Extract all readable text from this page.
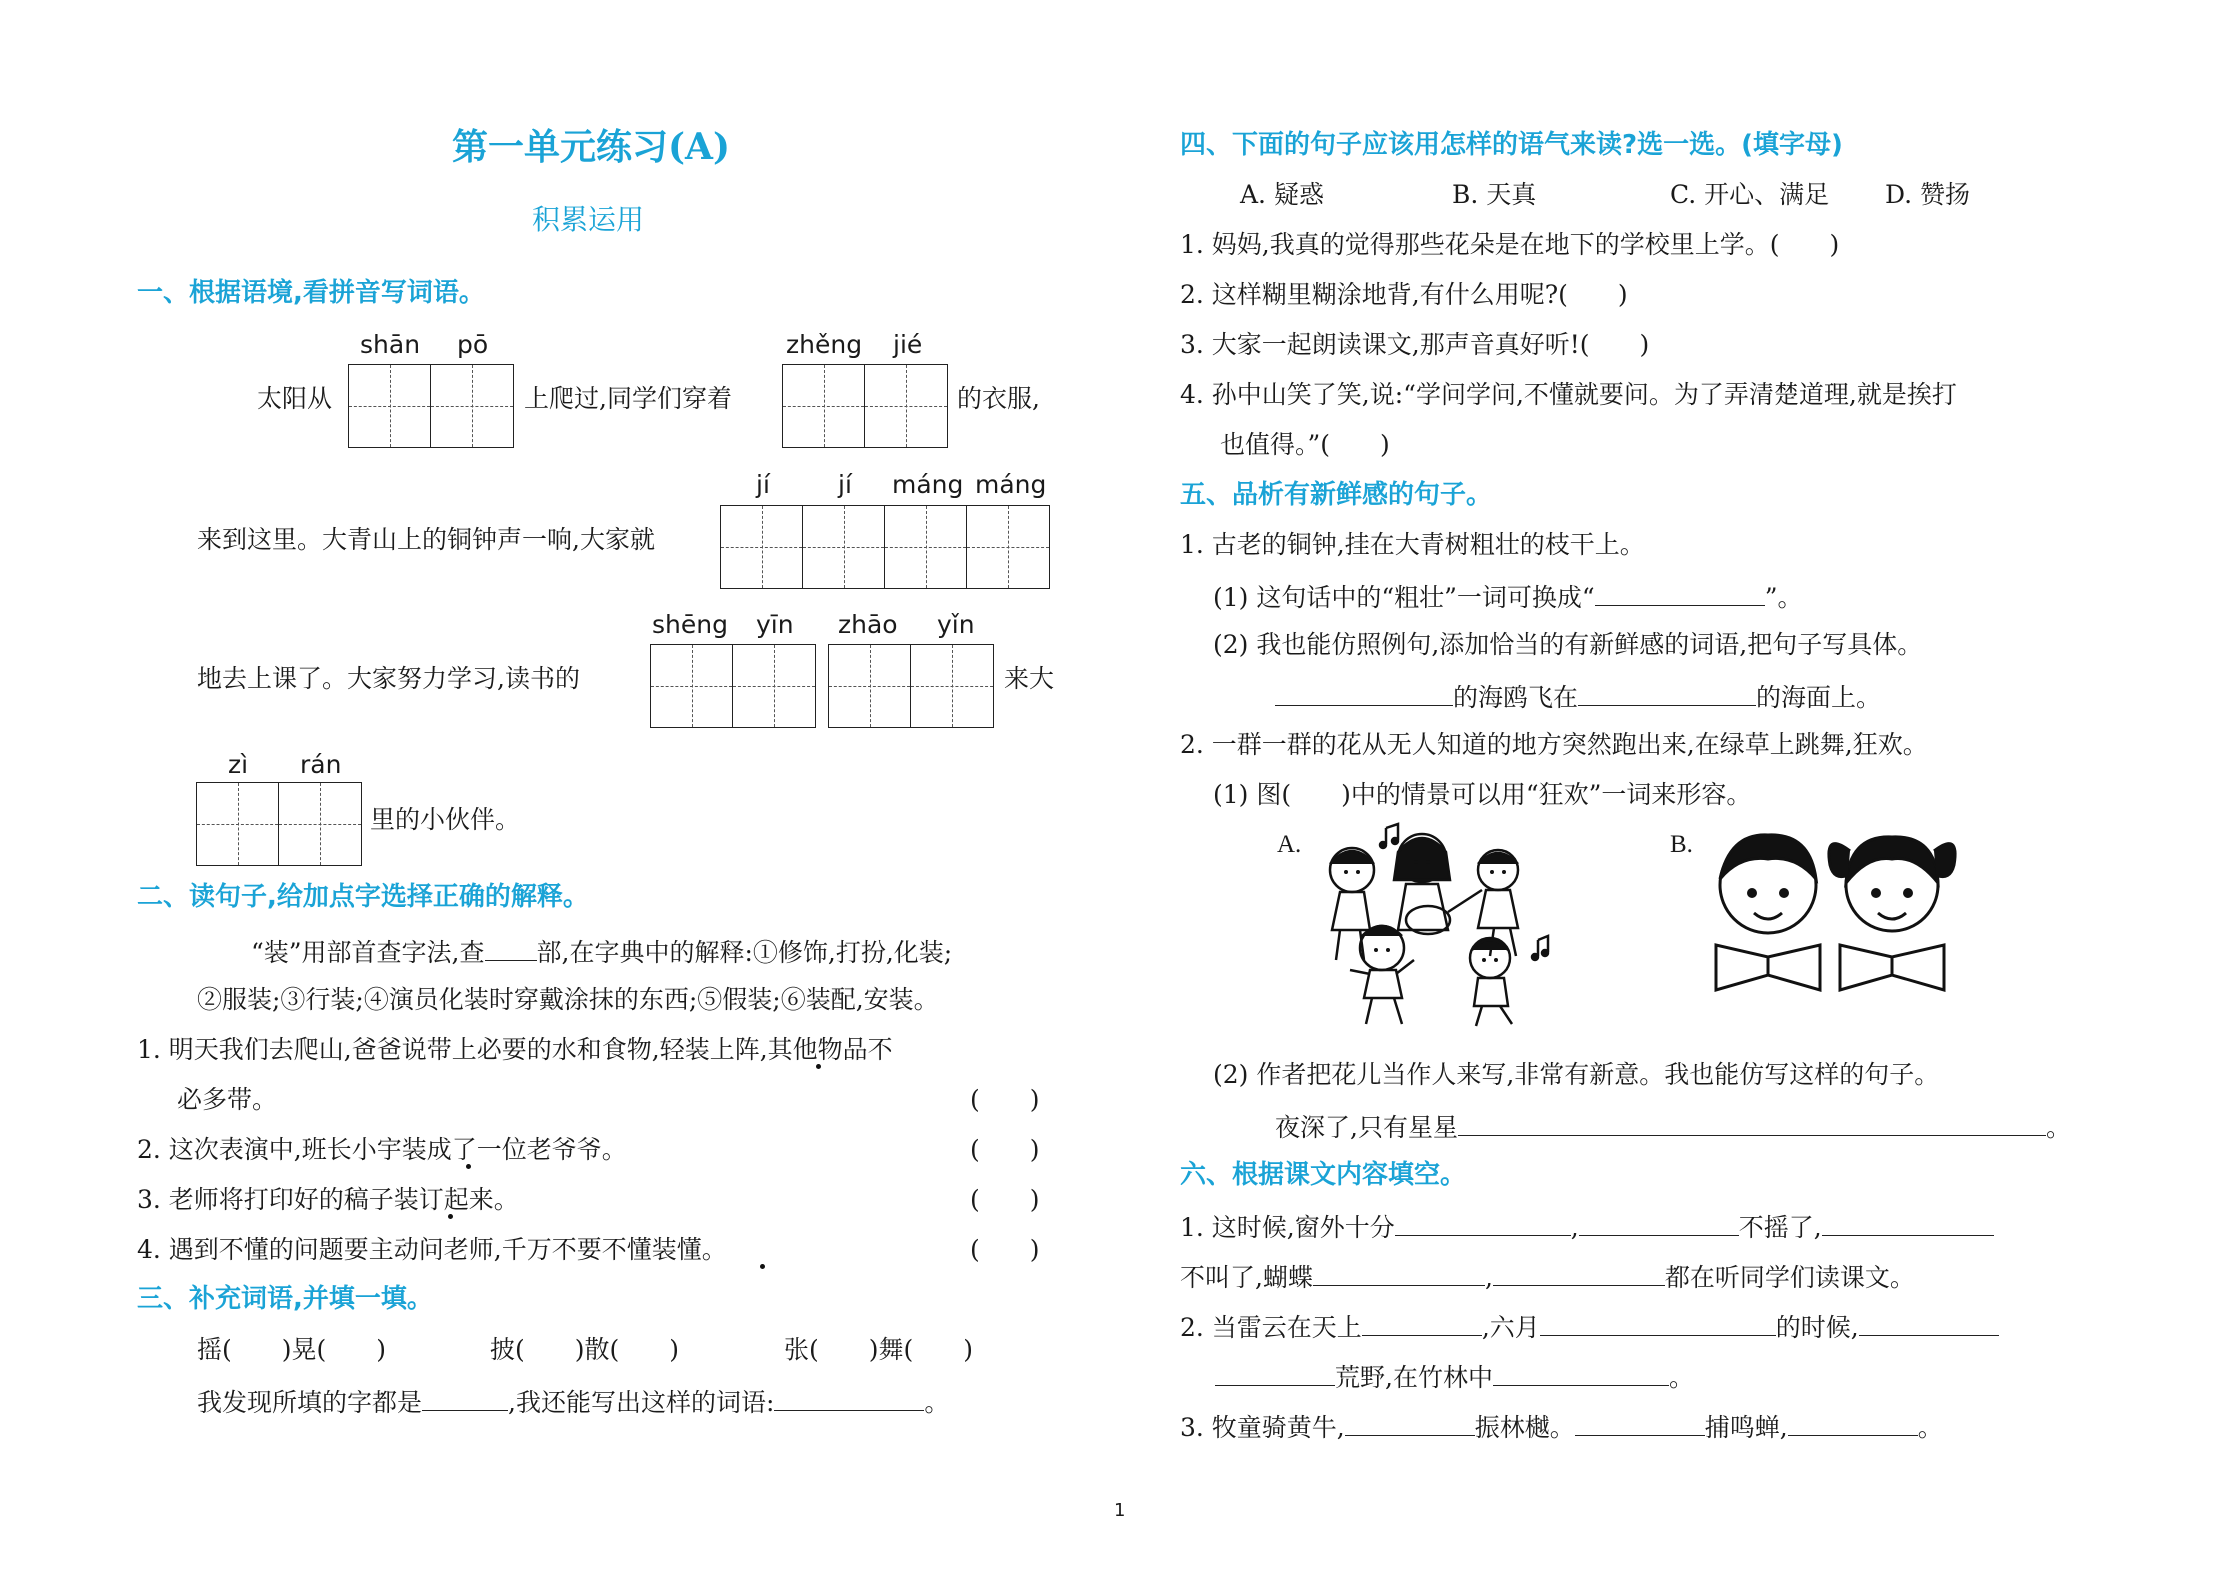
第一单元练习(A)
积累运用
一、根据语境,看拼音写词语。
shān pō	zhěng jié
太阳从	上爬过,同学们穿着	的衣服,
jí	jí máng máng
来到这里。大青山上的铜钟声一响,大家就
shēng yīn zhāo yǐn
地去上课了。大家努力学习,读书的	来大
zì rán
里的小伙伴。
二、读句子,给加点字选择正确的解释。
“装”用部首查字法,查 部,在字典中的解释:①修饰,打扮,化装;
②服装;③行装;④演员化装时穿戴涂抹的东西;⑤假装;⑥装配,安装。
1. 明天我们去爬山,爸爸说带上必要的水和食物,轻装上阵,其他物品不
必多带。	(　　)
2. 这次表演中,班长小宇装成了一位老爷爷。	(　　)
3. 老师将打印好的稿子装订起来。	(　　)
4. 遇到不懂的问题要主动问老师,千万不要不懂装懂。	(　　)
三、补充词语,并填一填。
摇(　　)晃(　　)	披(　　)散(　　)	张(　　)舞(　　)
我发现所填的字都是	,我还能写出这样的词语:	。
四、下面的句子应该用怎样的语气来读?选一选。(填字母)
A. 疑惑	B. 天真	C. 开心、满足 D. 赞扬
1. 妈妈,我真的觉得那些花朵是在地下的学校里上学。(　　)
2. 这样糊里糊涂地背,有什么用呢?(　　)
3. 大家一起朗读课文,那声音真好听!(　　)
4. 孙中山笑了笑,说:“学问学问,不懂就要问。为了弄清楚道理,就是挨打
也值得。”(　　)
五、品析有新鲜感的句子。
1. 古老的铜钟,挂在大青树粗壮的枝干上。
(1) 这句话中的“粗壮”一词可换成“	”。
(2) 我也能仿照例句,添加恰当的有新鲜感的词语,把句子写具体。
的海鸥飞在	的海面上。
2. 一群一群的花从无人知道的地方突然跑出来,在绿草上跳舞,狂欢。
(1) 图(　　)中的情景可以用“狂欢”一词来形容。
A.	B.
(2) 作者把花儿当作人来写,非常有新意。我也能仿写这样的句子。
夜深了,只有星星	。
六、根据课文内容填空。
1. 这时候,窗外十分	,	不摇了,
不叫了,蝴蝶	,	都在听同学们读课文。
2. 当雷云在天上	,六月	的时候,
荒野,在竹林中	。
3. 牧童骑黄牛,	振林樾。	捕鸣蝉,	。
1
